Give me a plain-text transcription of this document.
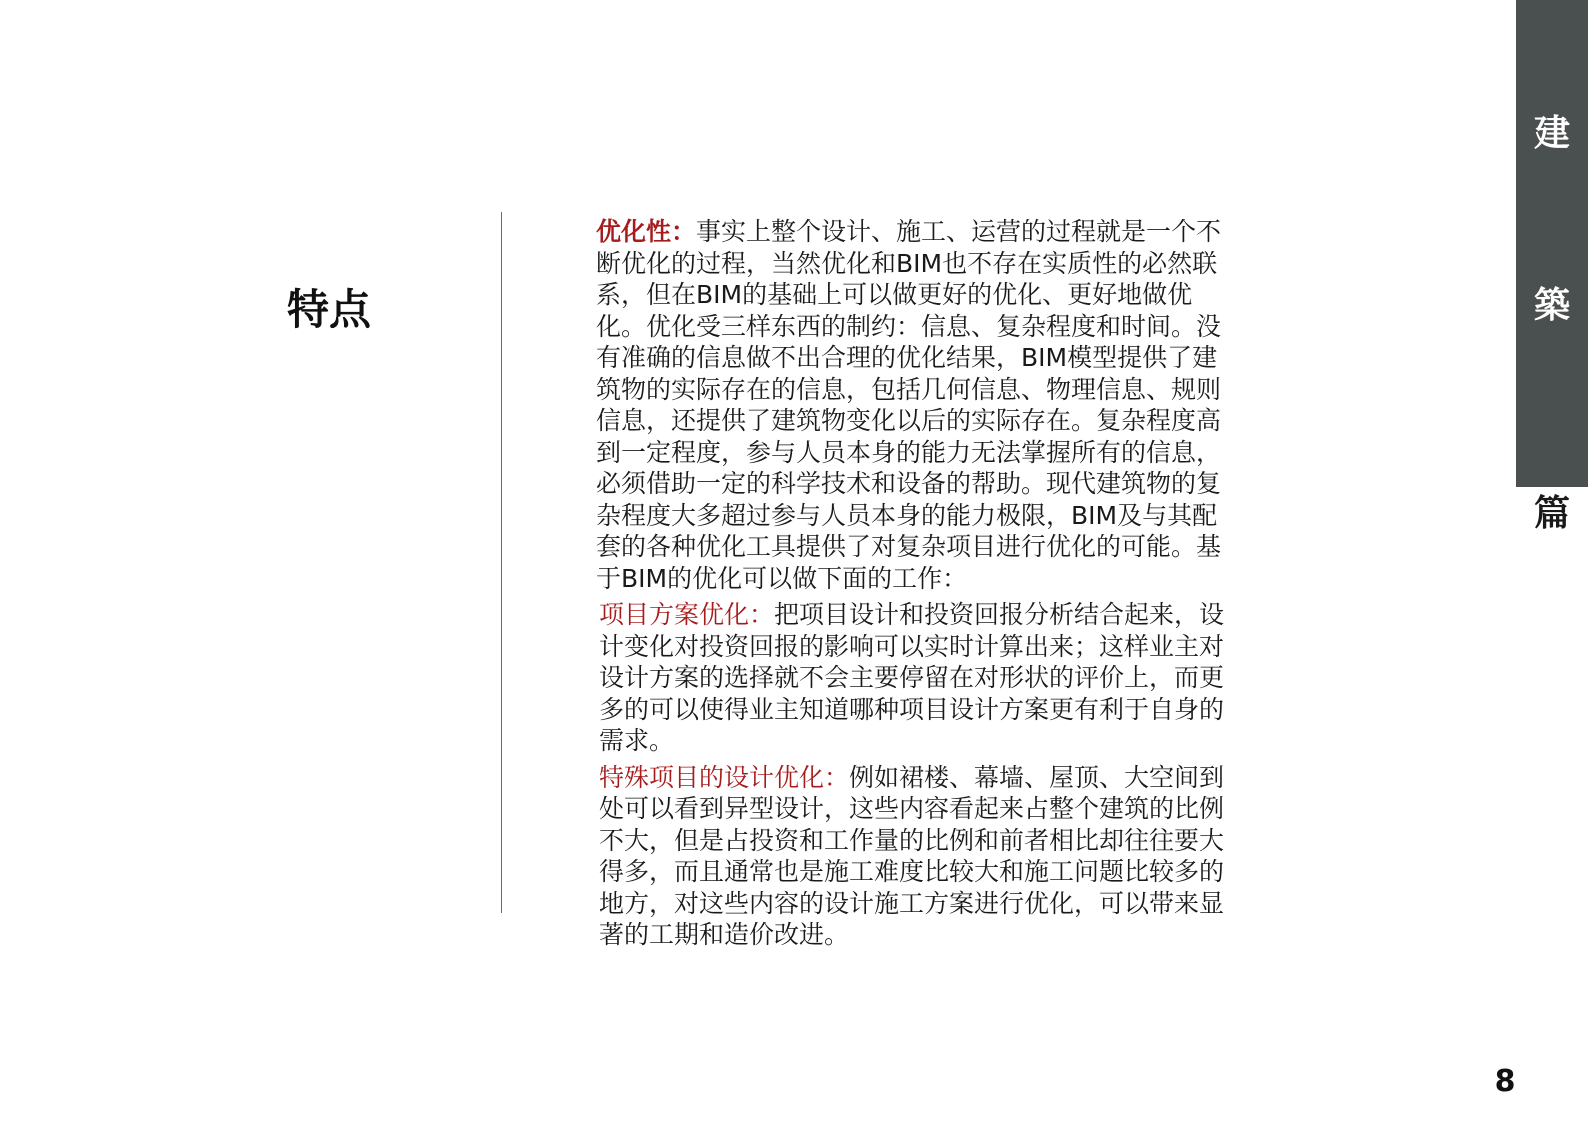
特点

优化性：事实上整个设计、施工、运营的过程就是一个不断优化的过程，当然优化和BIM也不存在实质性的必然联系，但在BIM的基础上可以做更好的优化、更好地做优化。优化受三样东西的制约：信息、复杂程度和时间。没有准确的信息做不出合理的优化结果，BIM模型提供了建筑物的实际存在的信息，包括几何信息、物理信息、规则信息，还提供了建筑物变化以后的实际存在。复杂程度高到一定程度，参与人员本身的能力无法掌握所有的信息，必须借助一定的科学技术和设备的帮助。现代建筑物的复杂程度大多超过参与人员本身的能力极限，BIM及与其配套的各种优化工具提供了对复杂项目进行优化的可能。基于BIM的优化可以做下面的工作：

项目方案优化：把项目设计和投资回报分析结合起来，设计变化对投资回报的影响可以实时计算出来；这样业主对设计方案的选择就不会主要停留在对形状的评价上，而更多的可以使得业主知道哪种项目设计方案更有利于自身的需求。

特殊项目的设计优化：例如裙楼、幕墙、屋顶、大空间到处可以看到异型设计，这些内容看起来占整个建筑的比例不大，但是占投资和工作量的比例和前者相比却往往要大得多，而且通常也是施工难度比较大和施工问题比较多的地方，对这些内容的设计施工方案进行优化，可以带来显著的工期和造价改进。

建
築
篇
8
